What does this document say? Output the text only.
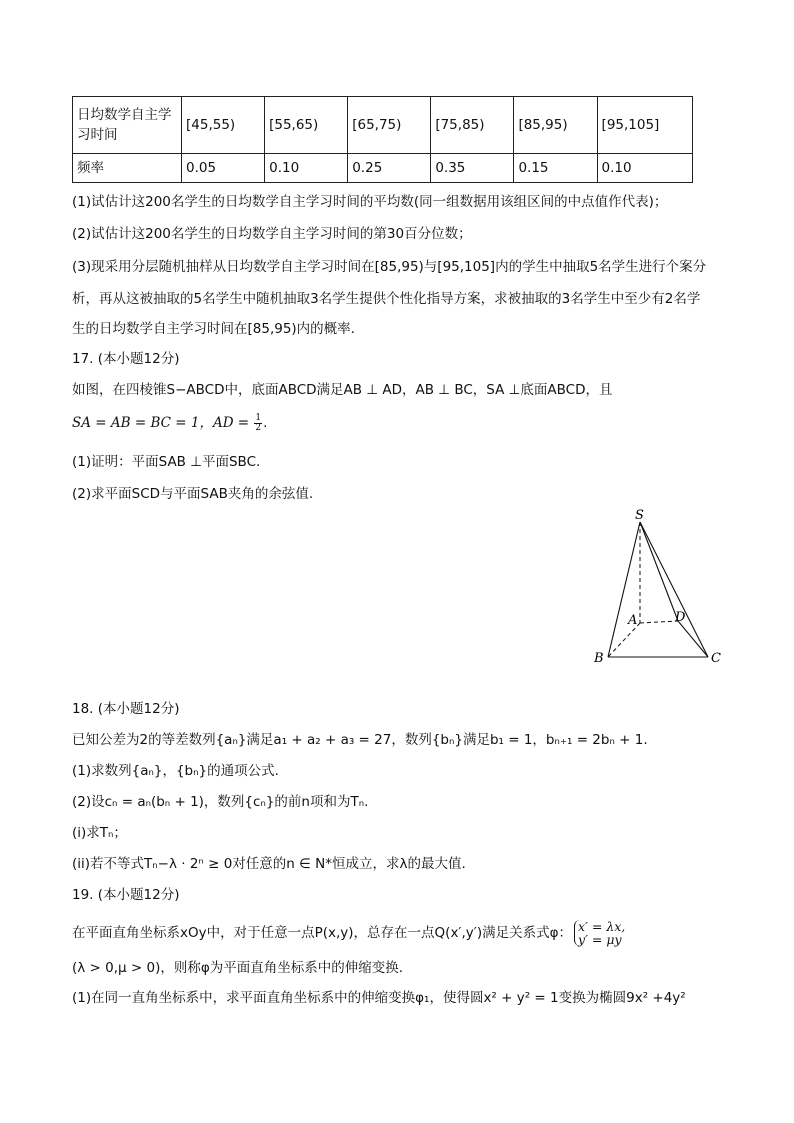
日均数学自主学习时间	[45,55)	[55,65)	[65,75)	[75,85)	[85,95)	[95,105]
频率	0.05	0.10	0.25	0.35	0.15	0.10
(1)试估计这200名学生的日均数学自主学习时间的平均数(同一组数据用该组区间的中点值作代表)；
(2)试估计这200名学生的日均数学自主学习时间的第30百分位数；
(3)现采用分层随机抽样从日均数学自主学习时间在[85,95)与[95,105]内的学生中抽取5名学生进行个案分
析，再从这被抽取的5名学生中随机抽取3名学生提供个性化指导方案，求被抽取的3名学生中至少有2名学
生的日均数学自主学习时间在[85,95)内的概率.
17. (本小题12分)
如图，在四棱锥S−ABCD中，底面ABCD满足AB ⊥ AD，AB ⊥ BC，SA ⊥底面ABCD，且
SA = AB = BC = 1，AD = $\frac{1}{2}$ .
(1)证明：平面SAB ⊥平面SBC.
(2)求平面SCD与平面SAB夹角的余弦值.
S
A	D
B	C
18. (本小题12分)
已知公差为2的等差数列{aₙ}满足a₁ + a₂ + a₃ = 27，数列{bₙ}满足b₁ = 1，bₙ₊₁ = 2bₙ + 1.
(1)求数列{aₙ}，{bₙ}的通项公式.
(2)设cₙ = aₙ(bₙ + 1)，数列{cₙ}的前n项和为Tₙ.
(i)求Tₙ；
(ii)若不等式Tₙ−λ · 2ⁿ ≥ 0对任意的n ∈ N*恒成立，求λ的最大值.
19. (本小题12分)
在平面直角坐标系xOy中，对于任意一点P(x,y)，总存在一点Q(x′,y′)满足关系式φ： x′ = λx,
y′ = μy
(λ > 0,μ > 0)，则称φ为平面直角坐标系中的伸缩变换.
(1)在同一直角坐标系中，求平面直角坐标系中的伸缩变换φ₁，使得圆x² + y² = 1变换为椭圆9x² +4y²
